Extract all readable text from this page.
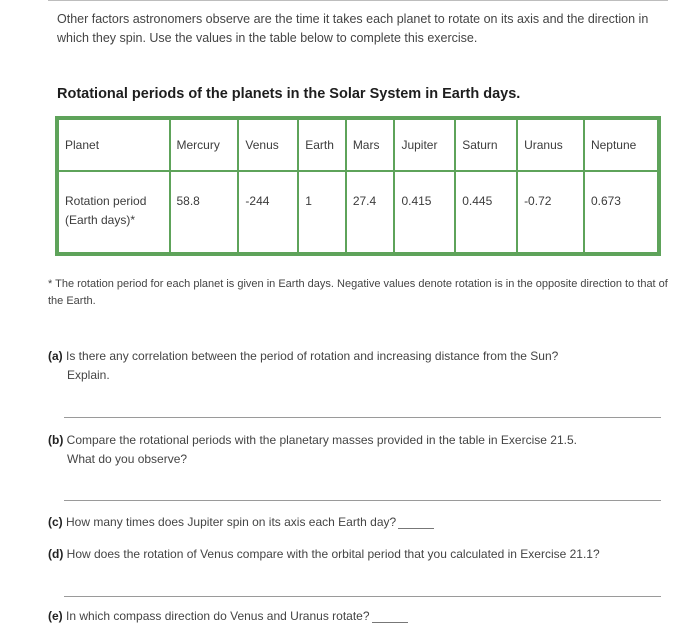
Other factors astronomers observe are the time it takes each planet to rotate on its axis and the direction in which they spin. Use the values in the table below to complete this exercise.
Rotational periods of the planets in the Solar System in Earth days.
Planet	Mercury	Venus	Earth	Mars	Jupiter	Saturn	Uranus	Neptune
Rotation period
(Earth days)*	58.8	-244	1	27.4	0.415	0.445	-0.72	0.673
* The rotation period for each planet is given in Earth days. Negative values denote rotation is in the opposite direction to that of the Earth.
(a) Is there any correlation between the period of rotation and increasing distance from the Sun?
Explain.
(b) Compare the rotational periods with the planetary masses provided in the table in Exercise 21.5.
What do you observe?
(c) How many times does Jupiter spin on its axis each Earth day?
(d) How does the rotation of Venus compare with the orbital period that you calculated in Exercise 21.1?
(e) In which compass direction do Venus and Uranus rotate?
